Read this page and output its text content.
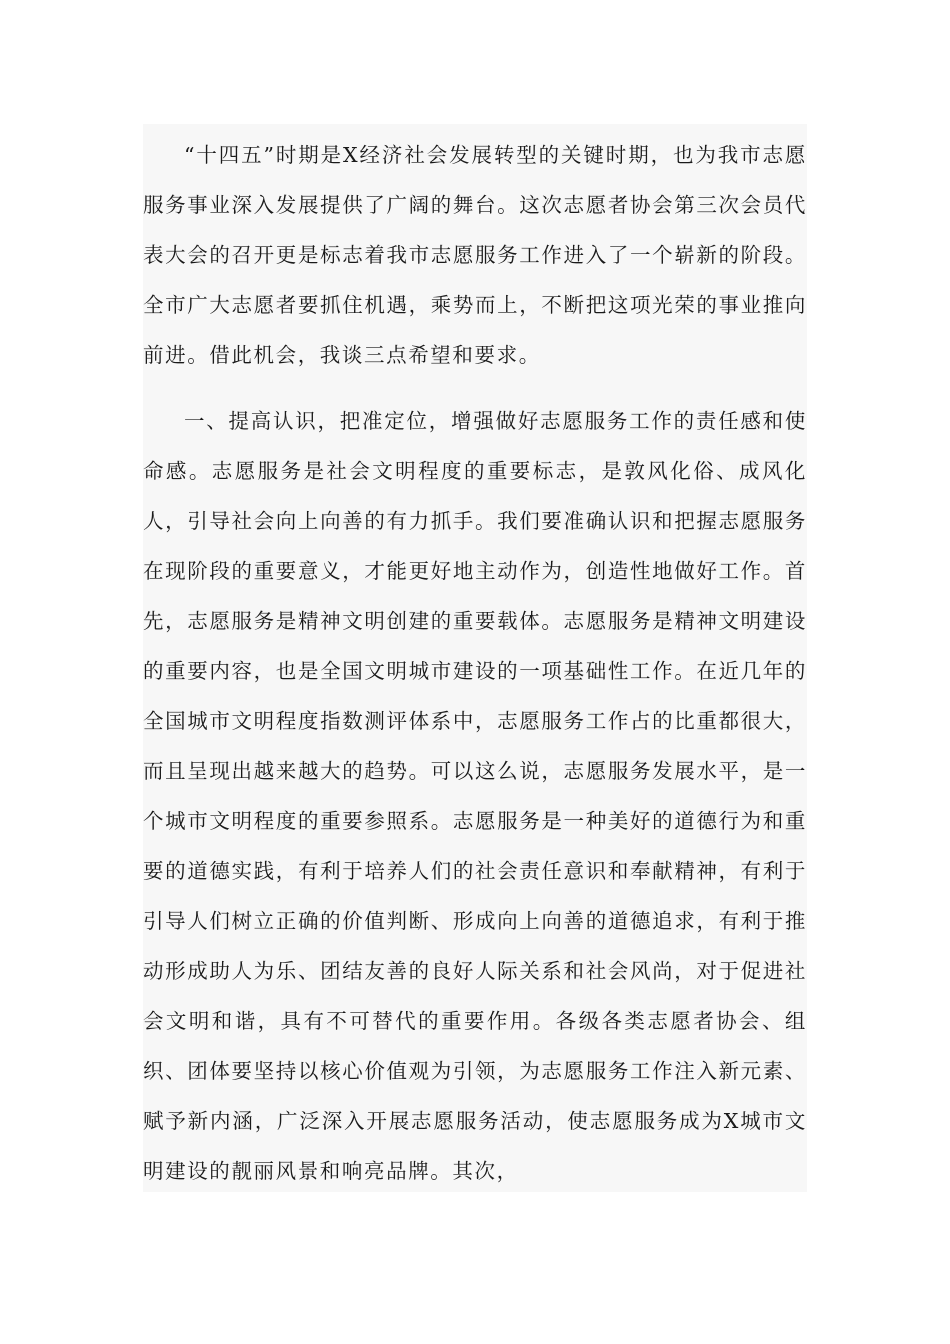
“十四五”时期是X经济社会发展转型的关键时期，也为我市志愿服务事业深入发展提供了广阔的舞台。这次志愿者协会第三次会员代表大会的召开更是标志着我市志愿服务工作进入了一个崭新的阶段。全市广大志愿者要抓住机遇，乘势而上，不断把这项光荣的事业推向前进。借此机会，我谈三点希望和要求。

一、提高认识，把准定位，增强做好志愿服务工作的责任感和使命感。志愿服务是社会文明程度的重要标志，是敦风化俗、成风化人，引导社会向上向善的有力抓手。我们要准确认识和把握志愿服务在现阶段的重要意义，才能更好地主动作为，创造性地做好工作。首先，志愿服务是精神文明创建的重要载体。志愿服务是精神文明建设的重要内容，也是全国文明城市建设的一项基础性工作。在近几年的全国城市文明程度指数测评体系中，志愿服务工作占的比重都很大，而且呈现出越来越大的趋势。可以这么说，志愿服务发展水平，是一个城市文明程度的重要参照系。志愿服务是一种美好的道德行为和重要的道德实践，有利于培养人们的社会责任意识和奉献精神，有利于引导人们树立正确的价值判断、形成向上向善的道德追求，有利于推动形成助人为乐、团结友善的良好人际关系和社会风尚，对于促进社会文明和谐，具有不可替代的重要作用。各级各类志愿者协会、组织、团体要坚持以核心价值观为引领，为志愿服务工作注入新元素、赋予新内涵，广泛深入开展志愿服务活动，使志愿服务成为X城市文明建设的靓丽风景和响亮品牌。其次，
